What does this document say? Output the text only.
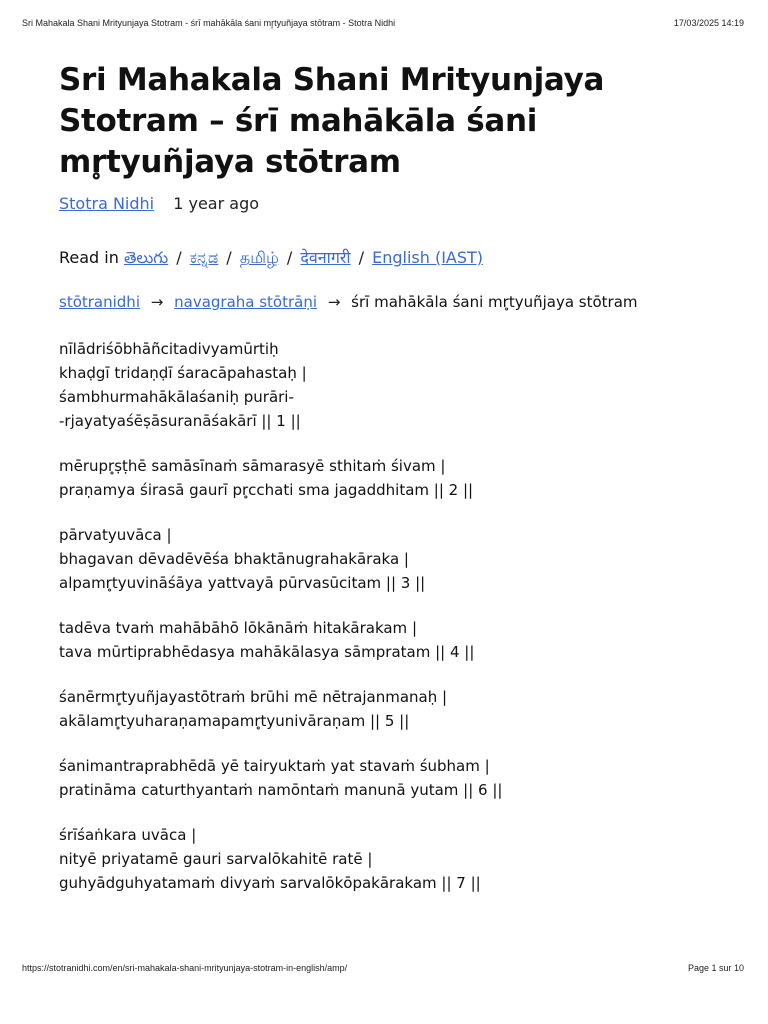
Sri Mahakala Shani Mrityunjaya Stotram - śrī mahākāla śani mr̥tyuñjaya stōtram - Stotra Nidhi	17/03/2025 14:19
Sri Mahakala Shani Mrityunjaya Stotram – śrī mahākāla śani mr̥tyuñjaya stōtram
Stotra Nidhi 1 year ago
Read in తెలుగు / ಕನ್ನಡ / தமிழ் / देवनागरी / English (IAST)
stōtranidhi → navagraha stōtrāṇi → śrī mahākāla śani mr̥tyuñjaya stōtram
nīlādriśōbhāñcitadivyamūrtiḥ
khaḍgī tridaṇḍī śaracāpahastaḥ |
śambhurmahākālaśaniḥ purāri-
-rjayatyaśēṣāsuranāśakārī || 1 ||
mērupr̥ṣṭhē samāsīnaṁ sāmarasyē sthitaṁ śivam |
praṇamya śirasā gaurī pr̥cchati sma jagaddhitam || 2 ||
pārvatyuvāca |
bhagavan dēvadēvēśa bhaktānugrahakāraka |
alpamr̥tyuvināśāya yattvayā pūrvasūcitam || 3 ||
tadēva tvaṁ mahābāhō lōkānāṁ hitakārakam |
tava mūrtiprabhēdasya mahākālasya sāmpratam || 4 ||
śanērmr̥tyuñjayastōtraṁ brūhi mē nētrajanmanaḥ |
akālamr̥tyuharaṇamapamr̥tyunivāraṇam || 5 ||
śanimantraprabhēdā yē tairyuktaṁ yat stavaṁ śubham |
pratināma caturthyantaṁ namōntaṁ manunā yutam || 6 ||
śrīśaṅkara uvāca |
nityē priyatamē gauri sarvalōkahitē ratē |
guhyādguhyatamaṁ divyaṁ sarvalōkōpakārakam || 7 ||
https://stotranidhi.com/en/sri-mahakala-shani-mrityunjaya-stotram-in-english/amp/	Page 1 sur 10
